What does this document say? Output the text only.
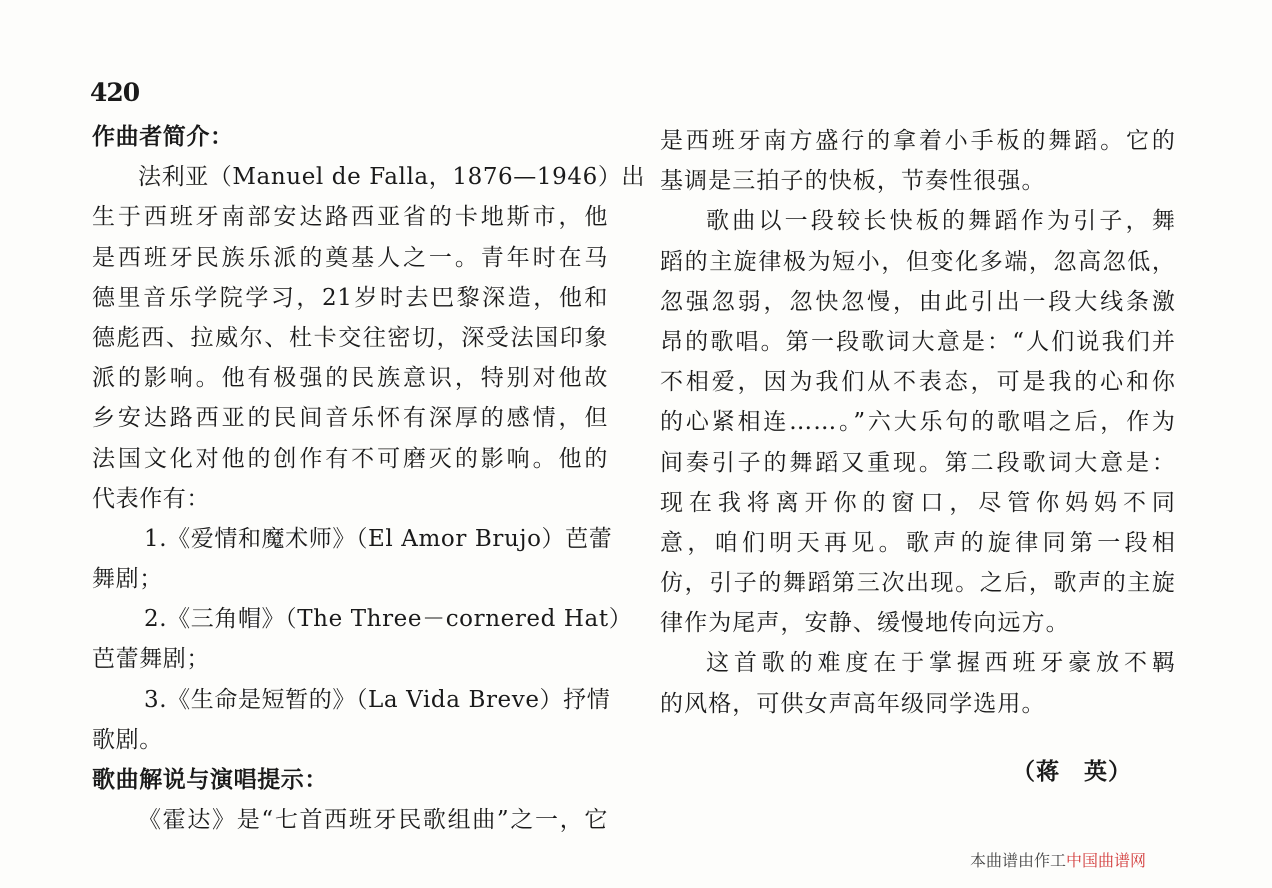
420
作曲者简介：
法利亚（Manuel de Falla，1876—1946）出
生于西班牙南部安达路西亚省的卡地斯市，他
是西班牙民族乐派的奠基人之一。青年时在马
德里音乐学院学习，21岁时去巴黎深造，他和
德彪西、拉威尔、杜卡交往密切，深受法国印象
派的影响。他有极强的民族意识，特别对他故
乡安达路西亚的民间音乐怀有深厚的感情，但
法国文化对他的创作有不可磨灭的影响。他的
代表作有：
1.《爱情和魔术师》（El Amor Brujo）芭蕾
舞剧；
2.《三角帽》（The Three－cornered Hat）
芭蕾舞剧；
3.《生命是短暂的》（La Vida Breve）抒情
歌剧。
歌曲解说与演唱提示：
《霍达》是“七首西班牙民歌组曲”之一，它
是西班牙南方盛行的拿着小手板的舞蹈。它的
基调是三拍子的快板，节奏性很强。
歌曲以一段较长快板的舞蹈作为引子，舞
蹈的主旋律极为短小，但变化多端，忽高忽低，
忽强忽弱，忽快忽慢，由此引出一段大线条激
昂的歌唱。第一段歌词大意是：“人们说我们并
不相爱，因为我们从不表态，可是我的心和你
的心紧相连……。”六大乐句的歌唱之后，作为
间奏引子的舞蹈又重现。第二段歌词大意是：
现在我将离开你的窗口，尽管你妈妈不同
意，咱们明天再见。歌声的旋律同第一段相
仿，引子的舞蹈第三次出现。之后，歌声的主旋
律作为尾声，安静、缓慢地传向远方。
这首歌的难度在于掌握西班牙豪放不羁
的风格，可供女声高年级同学选用。
（蒋　英）
本曲谱由作工中国曲谱网
